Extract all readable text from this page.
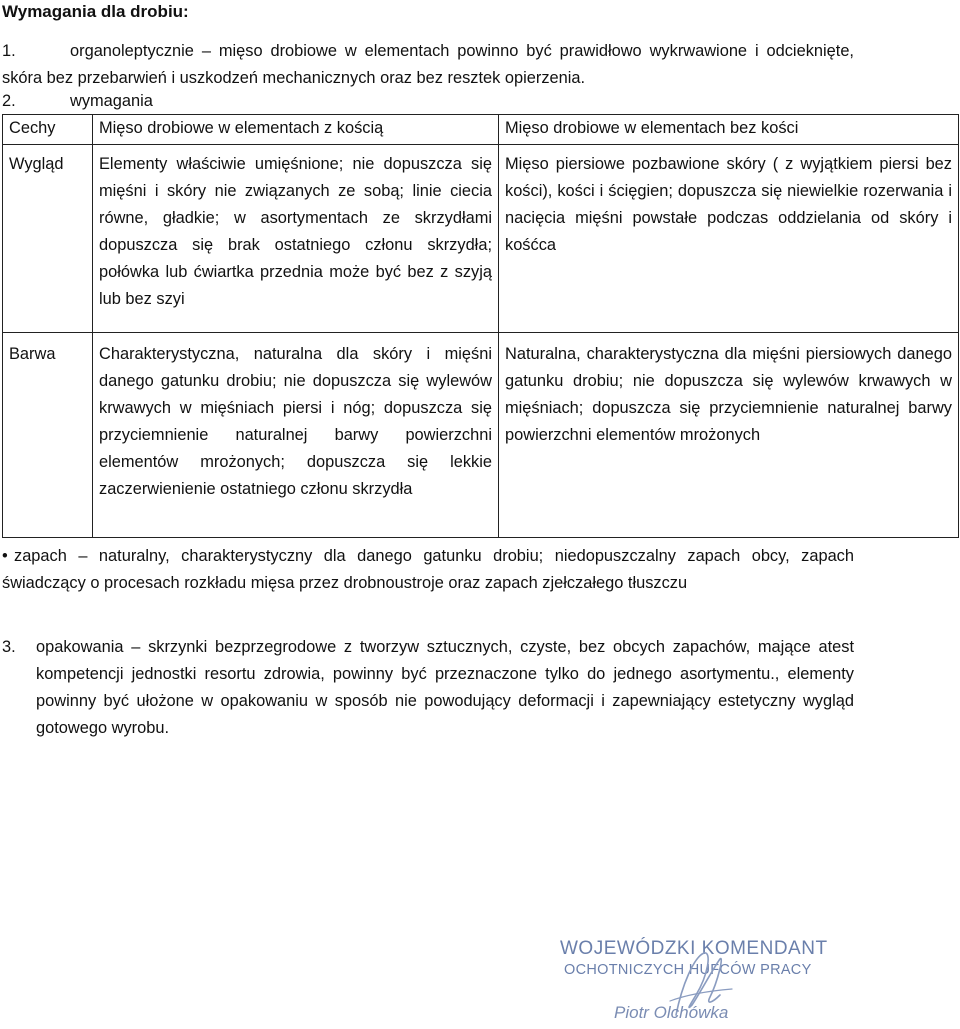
Wymagania dla drobiu:
1.	organoleptycznie – mięso drobiowe w elementach powinno być prawidłowo wykrwawione i odcieknięte, skóra bez przebarwień i uszkodzeń mechanicznych oraz bez resztek opierzenia.
2.	wymagania
Cechy	Mięso drobiowe w elementach z kością	Mięso drobiowe w elementach bez kości
Wygląd	Elementy właściwie umięśnione; nie dopuszcza się mięśni i skóry nie związanych ze sobą; linie ciecia równe, gładkie; w asortymentach ze skrzydłami dopuszcza się brak ostatniego członu skrzydła; połówka lub ćwiartka przednia może być bez z szyją lub bez szyi	Mięso piersiowe pozbawione skóry ( z wyjątkiem piersi bez kości), kości i ścięgien; dopuszcza się niewielkie rozerwania i nacięcia mięśni powstałe podczas oddzielania od skóry i kośćca

Barwa	Charakterystyczna, naturalna dla skóry i mięśni danego gatunku drobiu; nie dopuszcza się wylewów krwawych w mięśniach piersi i nóg; dopuszcza się przyciemnienie naturalnej barwy powierzchni elementów mrożonych; dopuszcza się lekkie zaczerwienienie ostatniego członu skrzydła	Naturalna, charakterystyczna dla mięśni piersiowych danego gatunku drobiu; nie dopuszcza się wylewów krwawych w mięśniach; dopuszcza się przyciemnienie naturalnej barwy powierzchni elementów mrożonych

• zapach – naturalny, charakterystyczny dla danego gatunku drobiu; niedopuszczalny zapach obcy, zapach świadczący o procesach rozkładu mięsa przez drobnoustroje oraz zapach zjełczałego tłuszczu
3. opakowania – skrzynki bezprzegrodowe z tworzyw sztucznych, czyste, bez obcych zapachów, mające atest kompetencji jednostki resortu zdrowia, powinny być przeznaczone tylko do jednego asortymentu., elementy powinny być ułożone w opakowaniu w sposób nie powodujący deformacji i zapewniający estetyczny wygląd gotowego wyrobu.
WOJEWÓDZKI KOMENDANT
OCHOTNICZYCH HUFCÓW PRACY
Piotr Olchówka
